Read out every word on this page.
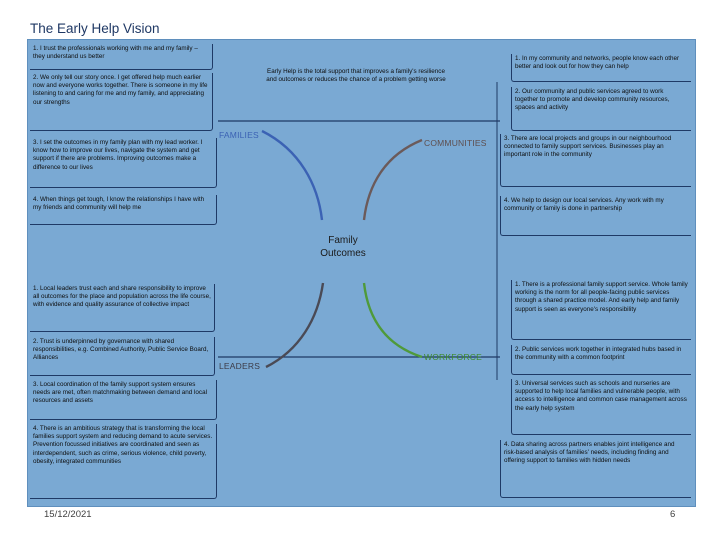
The Early Help Vision
1. I trust the professionals working with me and my family – they understand us better
2. We only tell our story once. I get offered help much earlier now and everyone works together. There is someone in my life listening to and caring for me and my family, and appreciating our strengths
3. I set the outcomes in my family plan with my lead worker. I know how to improve our lives, navigate the system and get support if there are problems. Improving outcomes make a difference to our lives
4. When things get tough, I know the relationships I have with my friends and community will help me
1. Local leaders trust each and share responsibility to improve all outcomes for the place and population across the life course, with evidence and quality assurance of collective impact
2. Trust is underpinned by governance with shared responsibilities, e.g. Combined Authority, Public Service Board, Alliances
3. Local coordination of the family support system ensures needs are met, often matchmaking between demand and local resources and assets
4. There is an ambitious strategy that is transforming the local families support system and reducing demand to acute services. Prevention focussed initiatives are coordinated and seen as interdependent, such as crime, serious violence, child poverty, obesity, integrated communities
1. In my community and networks, people know each other better and look out for how they can help
2. Our community and public services agreed to work together to promote and develop community resources, spaces and activity
3. There are local projects and groups in our neighbourhood connected to family support services. Businesses play an important role in the community
4. We help to design our local services. Any work with my community or family is done in partnership
1. There is a professional family support service. Whole family working is the norm for all people-facing public services through a shared practice model. And early help and family support is seen as everyone's responsibility
2. Public services work together in integrated hubs based in the community with a common footprint
3. Universal services such as schools and nurseries are supported to help local families and vulnerable people, with access to intelligence and common case management across the early help system
4. Data sharing across partners enables joint intelligence and risk-based analysis of families' needs, including finding and offering support to families with hidden needs
Early Help is the total support that improves a family's resilience and outcomes or reduces the chance of a problem getting worse
FAMILIES
COMMUNITIES
LEADERS
WORKFORCE
Family
Outcomes
15/12/2021	6
